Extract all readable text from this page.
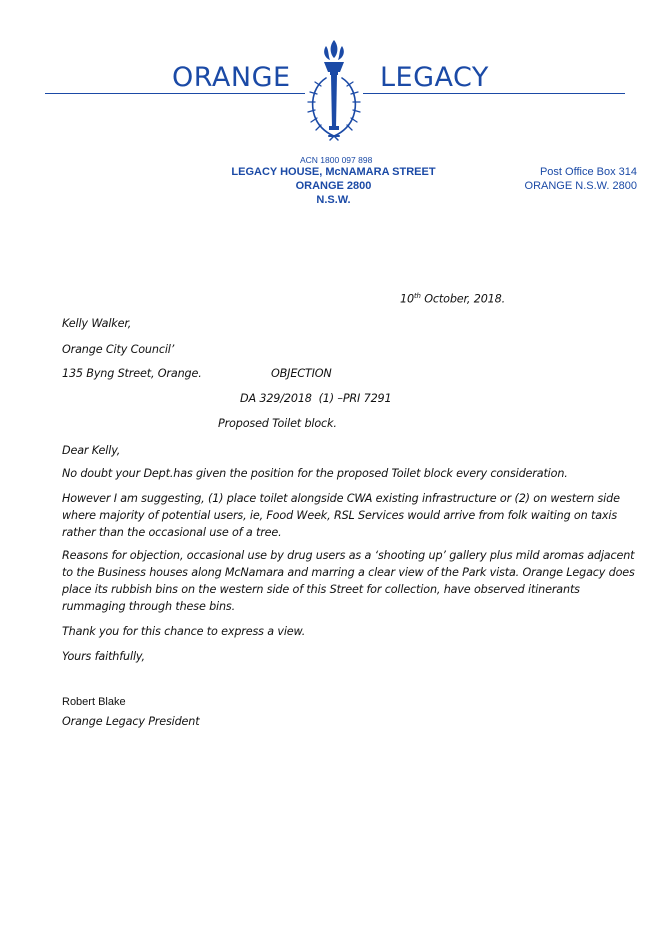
ORANGE	LEGACY
ACN 1800 097 898
LEGACY HOUSE, McNAMARA STREET
ORANGE 2800
N.S.W.
Post Office Box 314
ORANGE N.S.W. 2800
10th October, 2018.
Kelly Walker,
Orange City Council’
135 Byng Street, Orange.	OBJECTION
DA 329/2018  (1) –PRI 7291
Proposed Toilet block.
Dear Kelly,
No doubt your Dept.has given the position for the proposed Toilet block every consideration.
However I am suggesting, (1) place toilet alongside CWA existing infrastructure or (2) on western side
where majority of potential users, ie, Food Week, RSL Services would arrive from folk waiting on taxis
rather than the occasional use of a tree.
Reasons for objection, occasional use by drug users as a ‘shooting up’ gallery plus mild aromas adjacent
to the Business houses along McNamara and marring a clear view of the Park vista. Orange Legacy does
place its rubbish bins on the western side of this Street for collection, have observed itinerants
rummaging through these bins.
Thank you for this chance to express a view.
Yours faithfully,
Robert Blake
Orange Legacy President
